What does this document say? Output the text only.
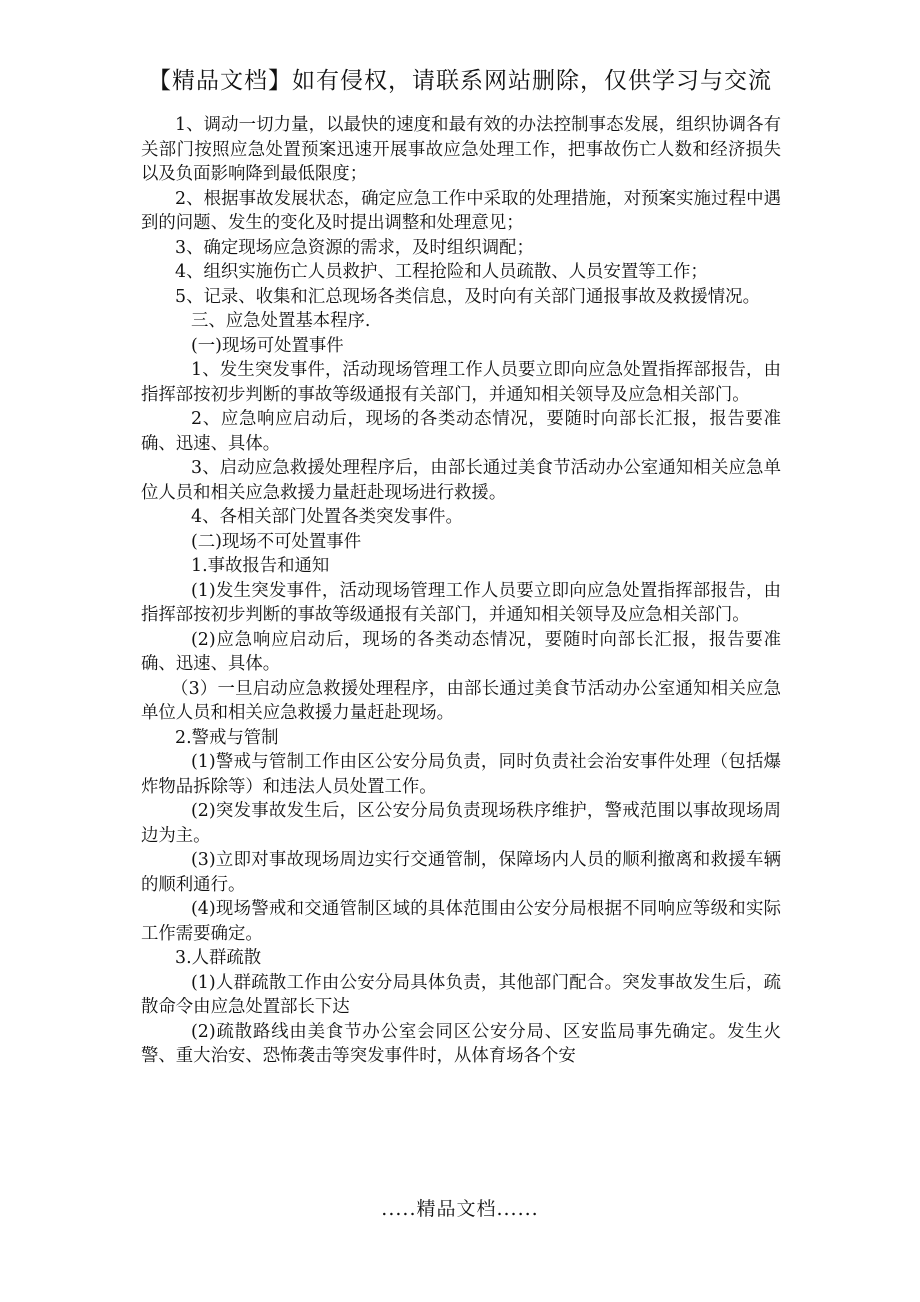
【精品文档】如有侵权，请联系网站删除，仅供学习与交流

1、调动一切力量，以最快的速度和最有效的办法控制事态发展，组织协调各有关部门按照应急处置预案迅速开展事故应急处理工作，把事故伤亡人数和经济损失以及负面影响降到最低限度；

2、根据事故发展状态，确定应急工作中采取的处理措施，对预案实施过程中遇到的问题、发生的变化及时提出调整和处理意见；

3、确定现场应急资源的需求，及时组织调配；

4、组织实施伤亡人员救护、工程抢险和人员疏散、人员安置等工作；

5、记录、收集和汇总现场各类信息，及时向有关部门通报事故及救援情况。

三、应急处置基本程序.

(一)现场可处置事件

1、发生突发事件，活动现场管理工作人员要立即向应急处置指挥部报告，由指挥部按初步判断的事故等级通报有关部门，并通知相关领导及应急相关部门。

2、应急响应启动后，现场的各类动态情况，要随时向部长汇报，报告要准确、迅速、具体。

3、启动应急救援处理程序后，由部长通过美食节活动办公室通知相关应急单位人员和相关应急救援力量赶赴现场进行救援。

4、各相关部门处置各类突发事件。

(二)现场不可处置事件

1.事故报告和通知

(1)发生突发事件，活动现场管理工作人员要立即向应急处置指挥部报告，由指挥部按初步判断的事故等级通报有关部门，并通知相关领导及应急相关部门。

(2)应急响应启动后，现场的各类动态情况，要随时向部长汇报，报告要准确、迅速、具体。

（3）一旦启动应急救援处理程序，由部长通过美食节活动办公室通知相关应急单位人员和相关应急救援力量赶赴现场。

2.警戒与管制

(1)警戒与管制工作由区公安分局负责，同时负责社会治安事件处理（包括爆炸物品拆除等）和违法人员处置工作。

(2)突发事故发生后，区公安分局负责现场秩序维护，警戒范围以事故现场周边为主。

(3)立即对事故现场周边实行交通管制，保障场内人员的顺利撤离和救援车辆的顺利通行。

(4)现场警戒和交通管制区域的具体范围由公安分局根据不同响应等级和实际工作需要确定。

3.人群疏散

(1)人群疏散工作由公安分局具体负责，其他部门配合。突发事故发生后，疏散命令由应急处置部长下达

(2)疏散路线由美食节办公室会同区公安分局、区安监局事先确定。发生火警、重大治安、恐怖袭击等突发事件时，从体育场各个安

.....精品文档......
